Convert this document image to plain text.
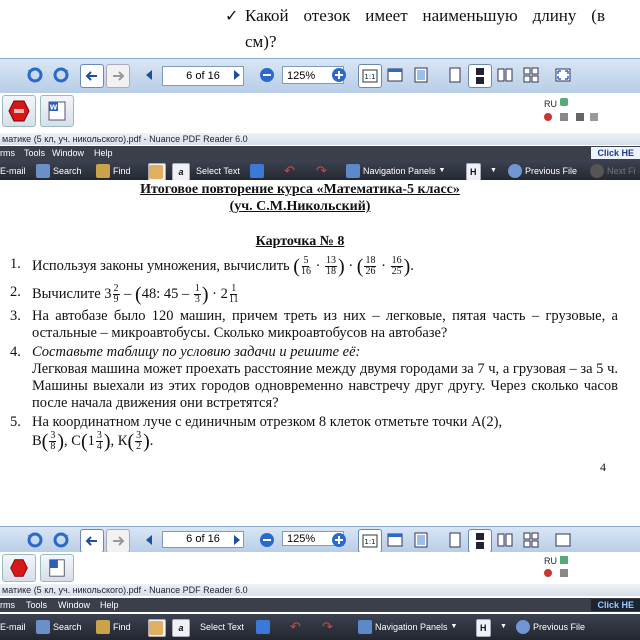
✓ Какой отезок имеет наименьшую длину (в
см)?
6 of 16	125%	1:1
W	RU
матике (5 кл, уч. никольского).pdf - Nuance PDF Reader 6.0
rms Tools Window Help	Click HE
E-mail	Search	Find	a Select Text	↶ ↷	Navigation Panels ▼	H ▼	Previous File	Next Fi
Итоговое повторение курса «Математика-5 класс»
(уч. С.М.Никольский)
Карточка № 8
1. Используя законы умножения, вычислить ( $\frac{5}{16} \cdot \frac{13}{18}$ ) · ( $\frac{18}{26} \cdot \frac{16}{25}$ ).
2. Вычислите $3 \frac{2}{9} - (48$: $45 - \frac{1}{3}$ ) · $2 \frac{1}{11}$
3. На автобазе было 120 машин, причем треть из них – легковые, пятая часть – грузовые, а остальные – микроавтобусы. Сколько микроавтобусов на автобазе?
4. Составьте таблицу по условию задачи и решите её:
Легковая машина может проехать расстояние между двумя городами за 7 ч, а грузовая – за 5 ч. Машины выехали из этих городов одновременно навстречу друг другу. Через сколько часов после начала движения они встретятся?
5. На координатном луче с единичным отрезком 8 клеток отметьте точки А(2),
$В( \frac{3}{8}$ ), $С(1 \frac{3}{4}$ ), $К( \frac{3}{2}$ ).
4
6 of 16	125%	1:1
RU
матике (5 кл, уч. никольского).pdf - Nuance PDF Reader 6.0
rms Tools Window Help	Click HE
E-mail	Search	Find	a Select Text	↶ ↷	Navigation Panels ▼	H ▼	Previous File
